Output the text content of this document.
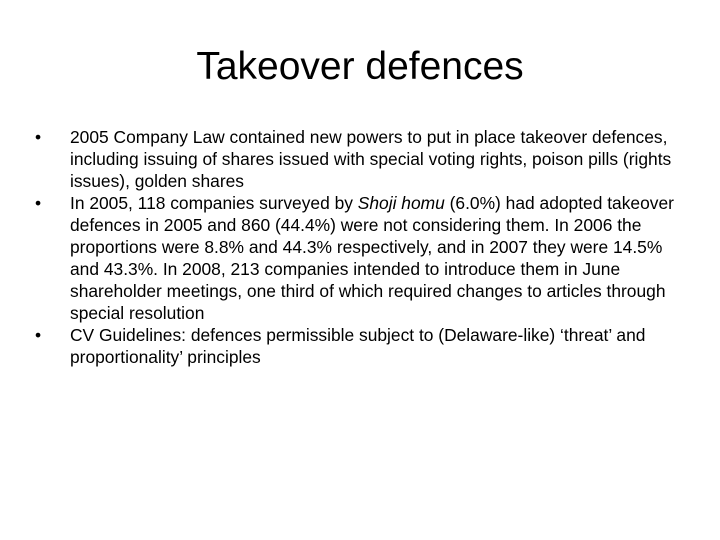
Takeover defences
• 2005 Company Law contained new powers to put in place takeover defences, including issuing of shares issued with special voting rights, poison pills (rights issues), golden shares
• In 2005, 118 companies surveyed by Shoji homu (6.0%) had adopted takeover defences in 2005 and 860 (44.4%) were not considering them. In 2006 the proportions were 8.8% and 44.3% respectively, and in 2007 they were 14.5% and 43.3%. In 2008, 213 companies intended to introduce them in June shareholder meetings, one third of which required changes to articles through special resolution
• CV Guidelines: defences permissible subject to (Delaware-like) ‘threat’ and proportionality’ principles
